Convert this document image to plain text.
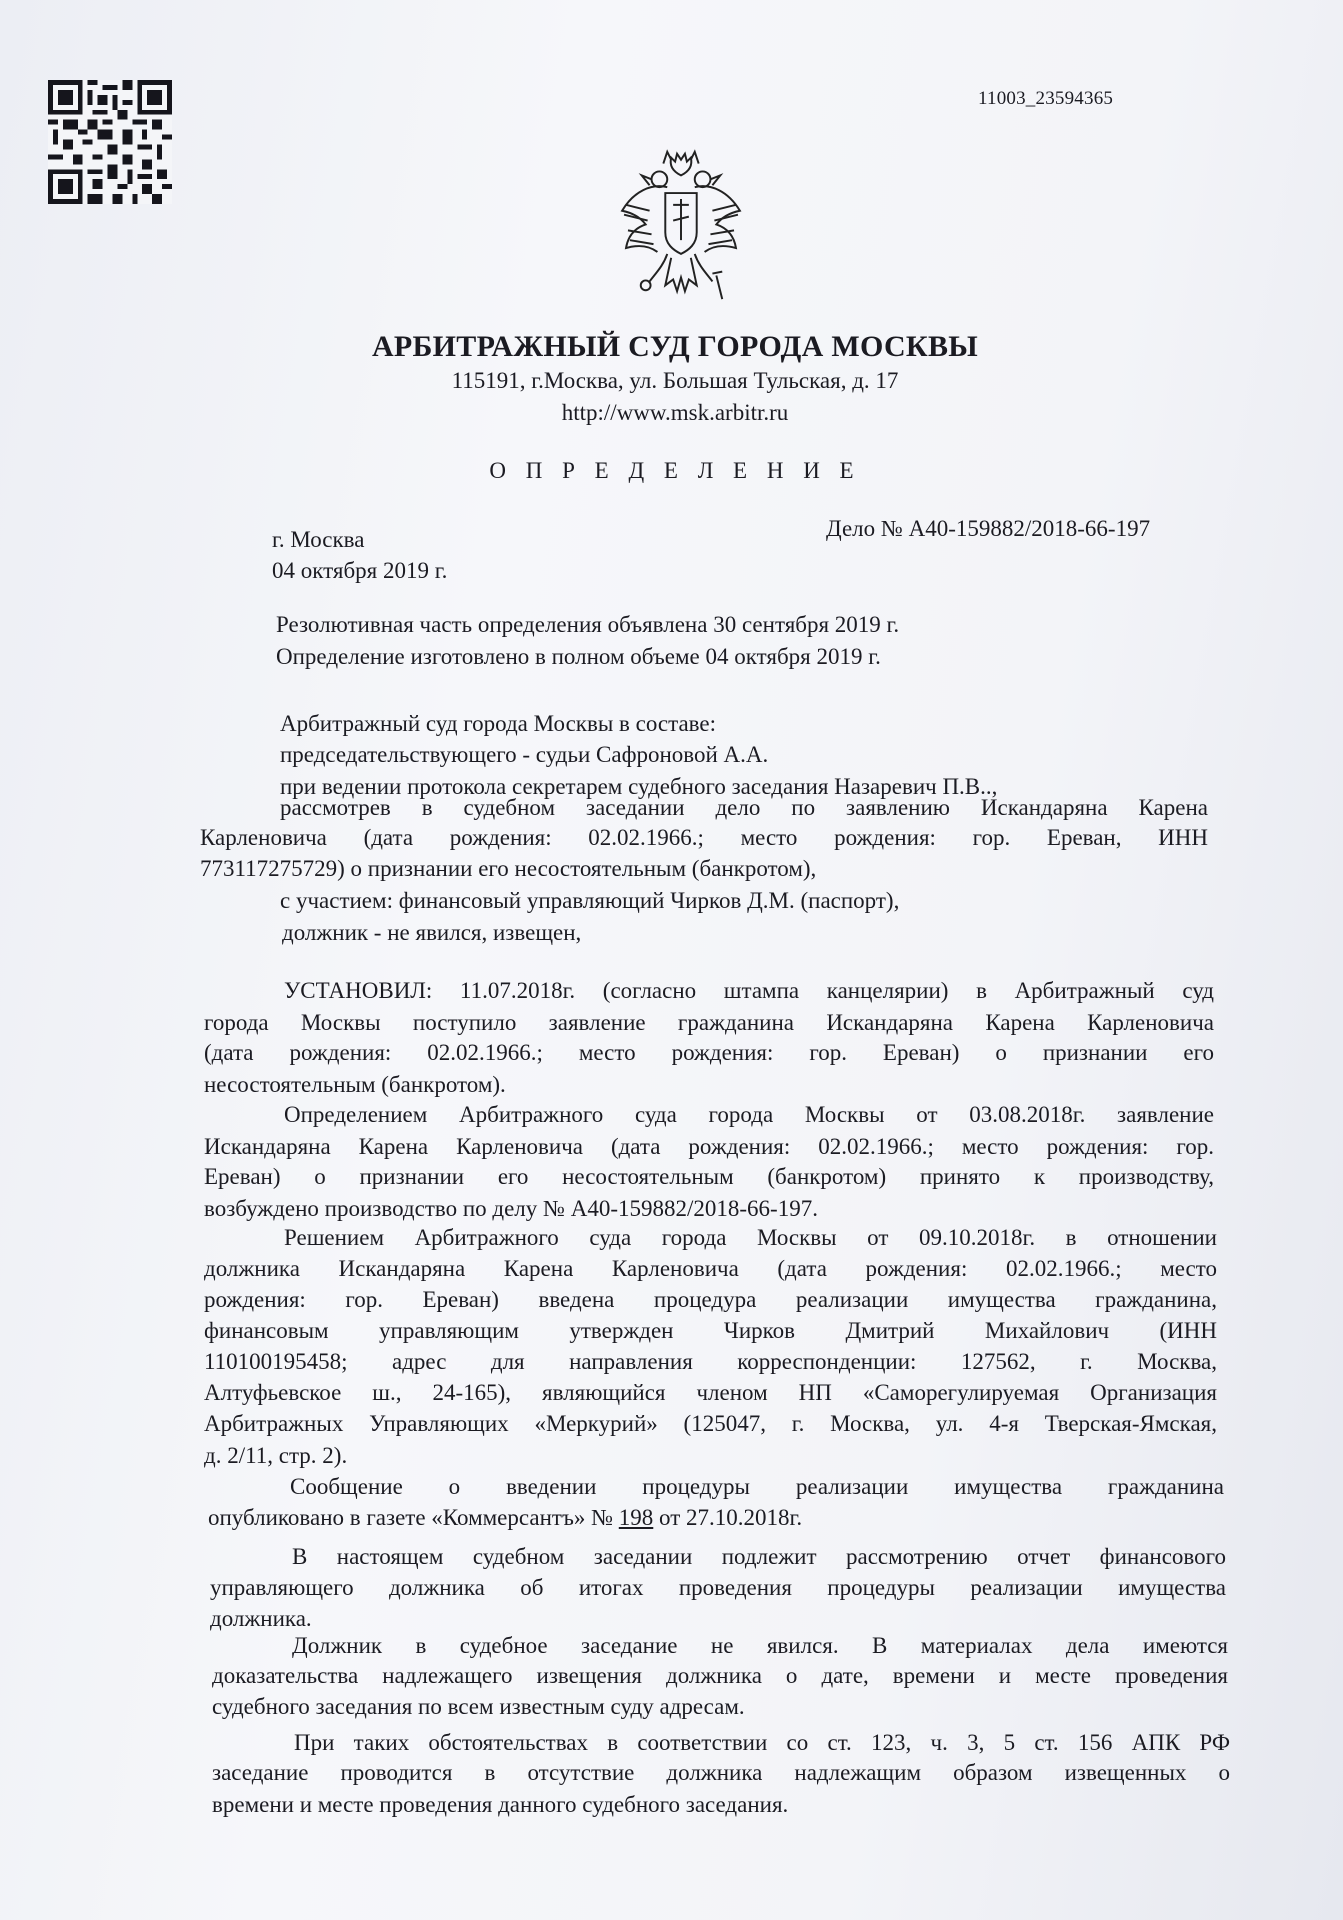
11003_23594365
АРБИТРАЖНЫЙ СУД ГОРОДА МОСКВЫ
115191, г.Москва, ул. Большая Тульская, д. 17
http://www.msk.arbitr.ru
О П Р Е Д Е Л Е Н И Е
г. Москва	Дело № А40-159882/2018-66-197
04 октября 2019 г.
Резолютивная часть определения объявлена 30 сентября 2019 г.
Определение изготовлено в полном объеме 04 октября 2019 г.
Арбитражный суд города Москвы в составе:
председательствующего - судьи Сафроновой А.А.
при ведении протокола секретарем судебного заседания Назаревич П.В..,
рассмотрев в судебном заседании дело по заявлению Искандаряна Карена
Карленовича (дата рождения: 02.02.1966.; место рождения: гор. Ереван, ИНН
773117275729) о признании его несостоятельным (банкротом),
с участием: финансовый управляющий Чирков Д.М. (паспорт),
должник - не явился, извещен,
УСТАНОВИЛ: 11.07.2018г. (согласно штампа канцелярии) в Арбитражный суд
города Москвы поступило заявление гражданина Искандаряна Карена Карленовича
(дата рождения: 02.02.1966.; место рождения: гор. Ереван) о признании его
несостоятельным (банкротом).
Определением Арбитражного суда города Москвы от 03.08.2018г. заявление
Искандаряна Карена Карленовича (дата рождения: 02.02.1966.; место рождения: гор.
Ереван) о признании его несостоятельным (банкротом) принято к производству,
возбуждено производство по делу № А40-159882/2018-66-197.
Решением Арбитражного суда города Москвы от 09.10.2018г. в отношении
должника Искандаряна Карена Карленовича (дата рождения: 02.02.1966.; место
рождения: гор. Ереван) введена процедура реализации имущества гражданина,
финансовым управляющим утвержден Чирков Дмитрий Михайлович (ИНН
110100195458; адрес для направления корреспонденции: 127562, г. Москва,
Алтуфьевское ш., 24-165), являющийся членом НП «Саморегулируемая Организация
Арбитражных Управляющих «Меркурий» (125047, г. Москва, ул. 4-я Тверская-Ямская,
д. 2/11, стр. 2).
Сообщение о введении процедуры реализации имущества гражданина
опубликовано в газете «Коммерсантъ» № 198 от 27.10.2018г.
В настоящем судебном заседании подлежит рассмотрению отчет финансового
управляющего должника об итогах проведения процедуры реализации имущества
должника.
Должник в судебное заседание не явился. В материалах дела имеются
доказательства надлежащего извещения должника о дате, времени и месте проведения
судебного заседания по всем известным суду адресам.
При таких обстоятельствах в соответствии со ст. 123, ч. 3, 5 ст. 156 АПК РФ
заседание проводится в отсутствие должника надлежащим образом извещенных о
времени и месте проведения данного судебного заседания.
